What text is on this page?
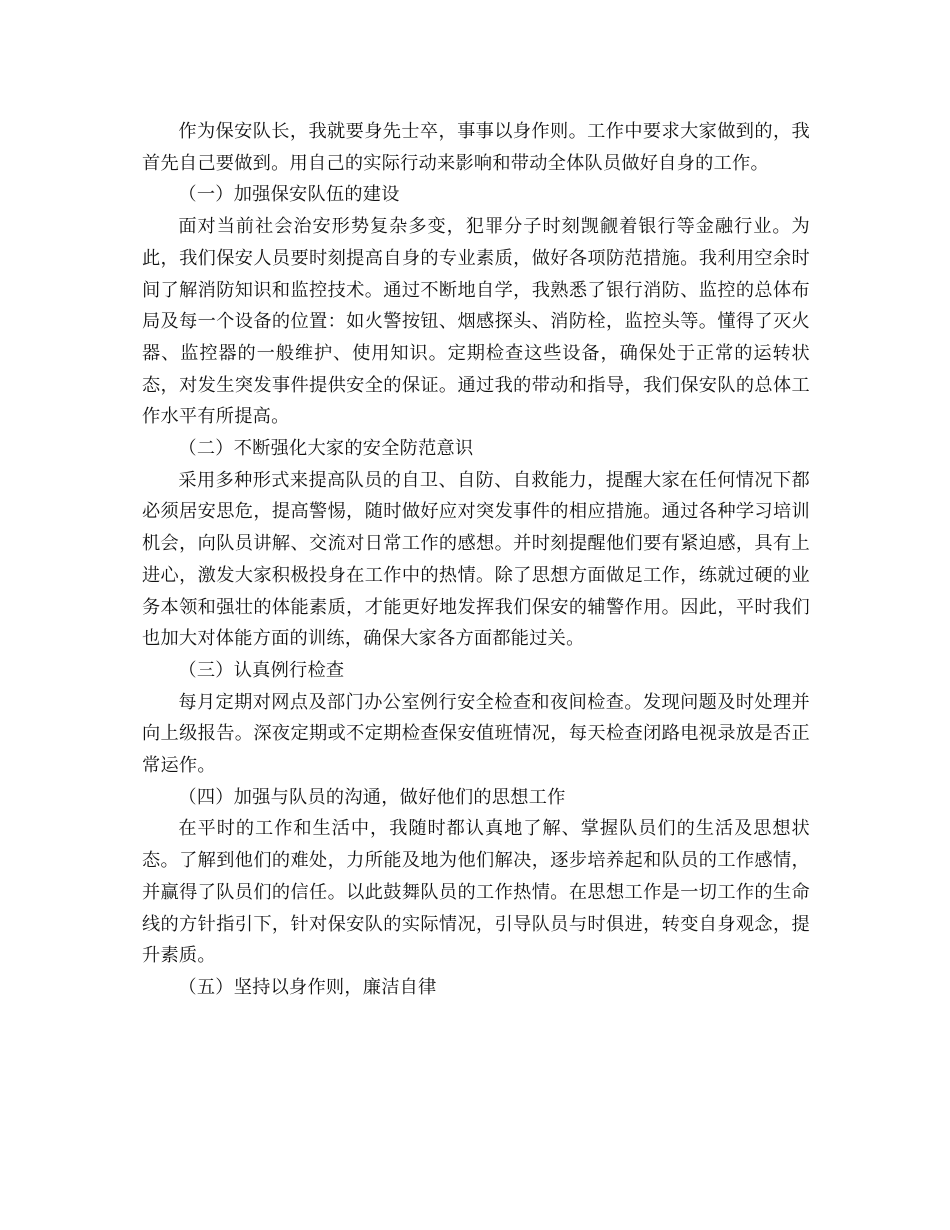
作为保安队长，我就要身先士卒，事事以身作则。工作中要求大家做到的，我首先自己要做到。用自己的实际行动来影响和带动全体队员做好自身的工作。

（一）加强保安队伍的建设

面对当前社会治安形势复杂多变，犯罪分子时刻觊觎着银行等金融行业。为此，我们保安人员要时刻提高自身的专业素质，做好各项防范措施。我利用空余时间了解消防知识和监控技术。通过不断地自学，我熟悉了银行消防、监控的总体布局及每一个设备的位置：如火警按钮、烟感探头、消防栓，监控头等。懂得了灭火器、监控器的一般维护、使用知识。定期检查这些设备，确保处于正常的运转状态，对发生突发事件提供安全的保证。通过我的带动和指导，我们保安队的总体工作水平有所提高。

（二）不断强化大家的安全防范意识

采用多种形式来提高队员的自卫、自防、自救能力，提醒大家在任何情况下都必须居安思危，提高警惕，随时做好应对突发事件的相应措施。通过各种学习培训机会，向队员讲解、交流对日常工作的感想。并时刻提醒他们要有紧迫感，具有上进心，激发大家积极投身在工作中的热情。除了思想方面做足工作，练就过硬的业务本领和强壮的体能素质，才能更好地发挥我们保安的辅警作用。因此，平时我们也加大对体能方面的训练，确保大家各方面都能过关。

（三）认真例行检查

每月定期对网点及部门办公室例行安全检查和夜间检查。发现问题及时处理并向上级报告。深夜定期或不定期检查保安值班情况，每天检查闭路电视录放是否正常运作。

（四）加强与队员的沟通，做好他们的思想工作

在平时的工作和生活中，我随时都认真地了解、掌握队员们的生活及思想状态。了解到他们的难处，力所能及地为他们解决，逐步培养起和队员的工作感情，并赢得了队员们的信任。以此鼓舞队员的工作热情。在思想工作是一切工作的生命线的方针指引下，针对保安队的实际情况，引导队员与时俱进，转变自身观念，提升素质。

（五）坚持以身作则，廉洁自律
